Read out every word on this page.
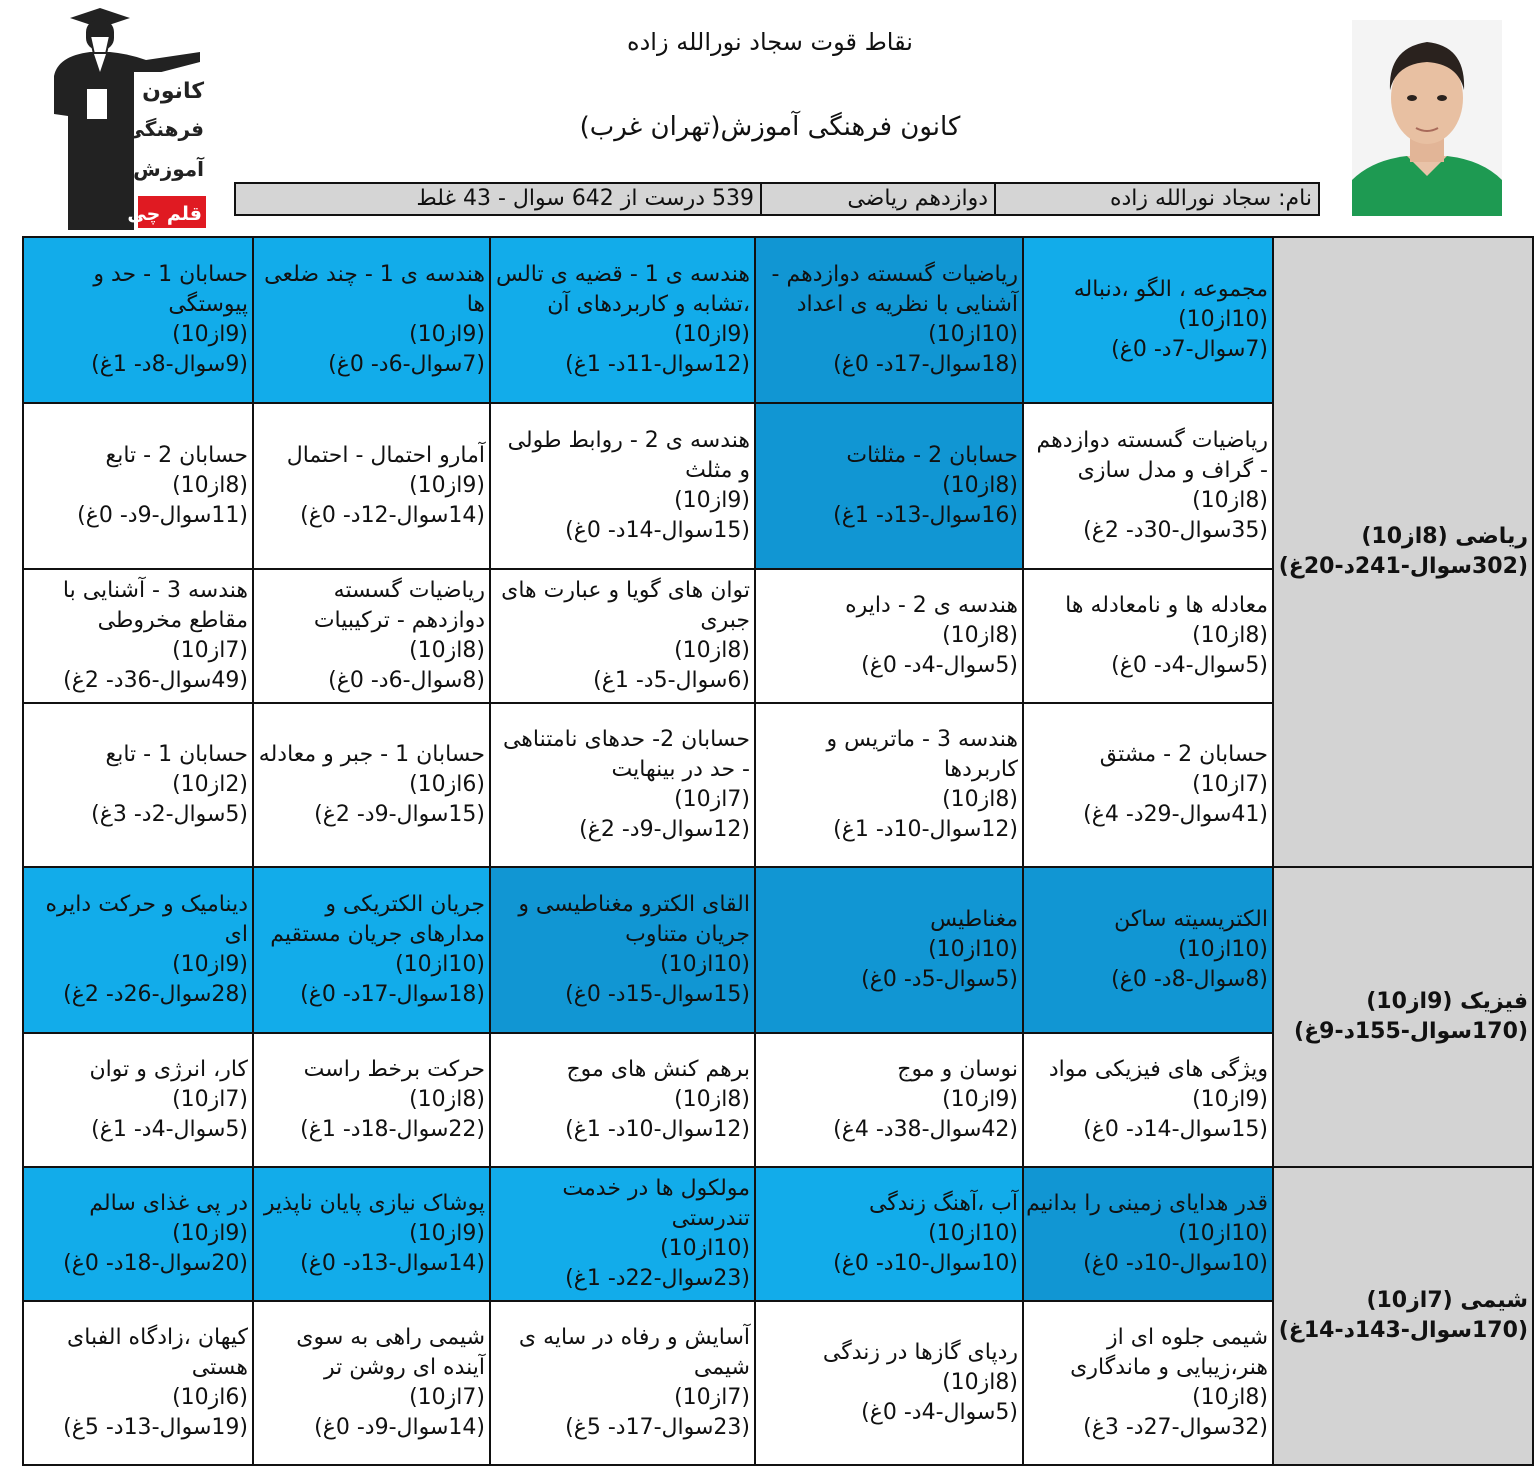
نقاط قوت سجاد نورالله زاده
کانون فرهنگی آموزش(تهران غرب)
کانون
فرهنگی
آموزش
قلم چی
نام: سجاد نورالله زاده
دوازدهم ریاضی
539 درست از 642 سوال - 43 غلط
حسابان 1 - حد و پیوستگی
(9از10)
(9سوال-8د- 1غ)	هندسه ی 1 - چند ضلعی ها
(9از10)
(7سوال-6د- 0غ)	هندسه ی 1 - قضیه ی تالس ،تشابه و کاربردهای آن
(9از10)
(12سوال-11د- 1غ)	ریاضیات گسسته دوازدهم - آشنایی با نظریه ی اعداد
(10از10)
(18سوال-17د- 0غ)	مجموعه ، الگو ،دنباله
(10از10)
(7سوال-7د- 0غ)	ریاضی (8از10) (302سوال-241د-20غ)

حسابان 2 - تابع
(8از10)
(11سوال-9د- 0غ)	آمارو احتمال - احتمال
(9از10)
(14سوال-12د- 0غ)	هندسه ی 2 - روابط طولی و مثلث
(9از10)
(15سوال-14د- 0غ)	حسابان 2 - مثلثات
(8از10)
(16سوال-13د- 1غ)	ریاضیات گسسته دوازدهم - گراف و مدل سازی
(8از10)
(35سوال-30د- 2غ)	

هندسه 3 - آشنایی با مقاطع مخروطی
(7از10)
(49سوال-36د- 2غ)	ریاضیات گسسته دوازدهم - ترکیبیات
(8از10)
(8سوال-6د- 0غ)	توان های گویا و عبارت های جبری
(8از10)
(6سوال-5د- 1غ)	هندسه ی 2 - دایره
(8از10)
(5سوال-4د- 0غ)	معادله ها و نامعادله ها
(8از10)
(5سوال-4د- 0غ)	

حسابان 1 - تابع
(2از10)
(5سوال-2د- 3غ)	حسابان 1 - جبر و معادله
(6از10)
(15سوال-9د- 2غ)	حسابان 2- حدهای نامتناهی - حد در بینهایت
(7از10)
(12سوال-9د- 2غ)	هندسه 3 - ماتریس و کاربردها
(8از10)
(12سوال-10د- 1غ)	حسابان 2 - مشتق
(7از10)
(41سوال-29د- 4غ)	

دینامیک و حرکت دایره ای
(9از10)
(28سوال-26د- 2غ)	جریان الکتریکی و مدارهای جریان مستقیم
(10از10)
(18سوال-17د- 0غ)	القای الکترو مغناطیسی و جریان متناوب
(10از10)
(15سوال-15د- 0غ)	مغناطیس
(10از10)
(5سوال-5د- 0غ)	الکتریسیته ساکن
(10از10)
(8سوال-8د- 0غ)	فیزیک (9از10) (170سوال-155د-9غ)

کار، انرژی و توان
(7از10)
(5سوال-4د- 1غ)	حرکت برخط راست
(8از10)
(22سوال-18د- 1غ)	برهم کنش های موج
(8از10)
(12سوال-10د- 1غ)	نوسان و موج
(9از10)
(42سوال-38د- 4غ)	ویژگی های فیزیکی مواد
(9از10)
(15سوال-14د- 0غ)	

در پی غذای سالم
(9از10)
(20سوال-18د- 0غ)	پوشاک نیازی پایان ناپذیر
(9از10)
(14سوال-13د- 0غ)	مولکول ها در خدمت تندرستی
(10از10)
(23سوال-22د- 1غ)	آب ،آهنگ زندگی
(10از10)
(10سوال-10د- 0غ)	قدر هدایای زمینی را بدانیم
(10از10)
(10سوال-10د- 0غ)	شیمی (7از10) (170سوال-143د-14غ)

کیهان ،زادگاه الفبای هستی
(6از10)
(19سوال-13د- 5غ)	شیمی راهی به سوی آینده ای روشن تر
(7از10)
(14سوال-9د- 0غ)	آسایش و رفاه در سایه ی شیمی
(7از10)
(23سوال-17د- 5غ)	ردپای گازها در زندگی
(8از10)
(5سوال-4د- 0غ)	شیمی جلوه ای از هنر،زیبایی و ماندگاری
(8از10)
(32سوال-27د- 3غ)	
